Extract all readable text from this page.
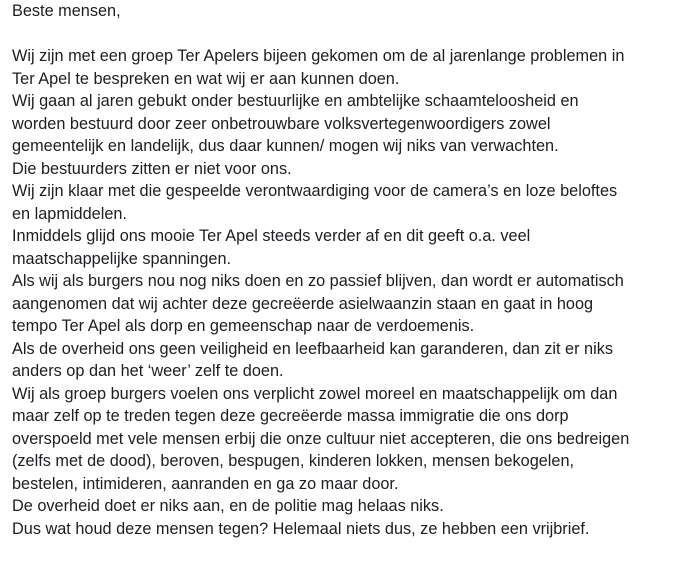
Beste mensen,
Wij zijn met een groep Ter Apelers bijeen gekomen om de al jarenlange problemen in
Ter Apel te bespreken en wat wij er aan kunnen doen.
Wij gaan al jaren gebukt onder bestuurlijke en ambtelijke schaamteloosheid en
worden bestuurd door zeer onbetrouwbare volksvertegenwoordigers zowel
gemeentelijk en landelijk, dus daar kunnen/ mogen wij niks van verwachten.
Die bestuurders zitten er niet voor ons.
Wij zijn klaar met die gespeelde verontwaardiging voor de camera’s en loze beloftes
en lapmiddelen.
Inmiddels glijd ons mooie Ter Apel steeds verder af en dit geeft o.a. veel
maatschappelijke spanningen.
Als wij als burgers nou nog niks doen en zo passief blijven, dan wordt er automatisch
aangenomen dat wij achter deze gecreëerde asielwaanzin staan en gaat in hoog
tempo Ter Apel als dorp en gemeenschap naar de verdoemenis.
Als de overheid ons geen veiligheid en leefbaarheid kan garanderen, dan zit er niks
anders op dan het ‘weer’ zelf te doen.
Wij als groep burgers voelen ons verplicht zowel moreel en maatschappelijk om dan
maar zelf op te treden tegen deze gecreëerde massa immigratie die ons dorp
overspoeld met vele mensen erbij die onze cultuur niet accepteren, die ons bedreigen
(zelfs met de dood), beroven, bespugen, kinderen lokken, mensen bekogelen,
bestelen, intimideren, aanranden en ga zo maar door.
De overheid doet er niks aan, en de politie mag helaas niks.
Dus wat houd deze mensen tegen? Helemaal niets dus, ze hebben een vrijbrief.
